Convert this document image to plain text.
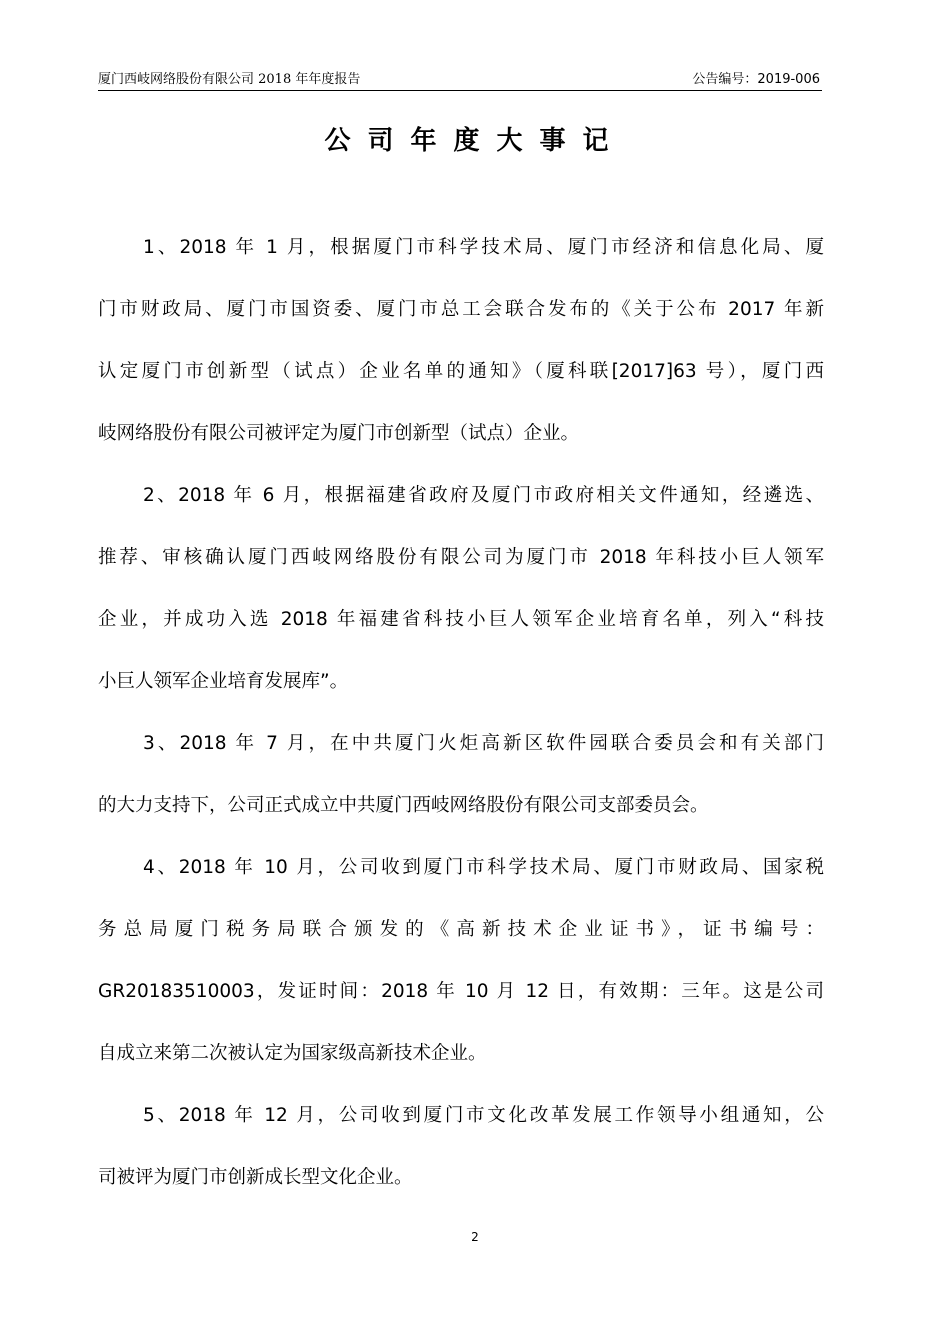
厦门西岐网络股份有限公司 2018 年年度报告	公告编号：2019-006
公司年度大事记
1、2018 年 1 月，根据厦门市科学技术局、厦门市经济和信息化局、厦
门市财政局、厦门市国资委、厦门市总工会联合发布的《关于公布 2017 年新
认定厦门市创新型（试点）企业名单的通知》（厦科联[2017]63 号），厦门西
岐网络股份有限公司被评定为厦门市创新型（试点）企业。
2、2018 年 6 月，根据福建省政府及厦门市政府相关文件通知，经遴选、
推荐、审核确认厦门西岐网络股份有限公司为厦门市 2018 年科技小巨人领军
企业，并成功入选 2018 年福建省科技小巨人领军企业培育名单，列入“科技
小巨人领军企业培育发展库”。
3、2018 年 7 月，在中共厦门火炬高新区软件园联合委员会和有关部门
的大力支持下，公司正式成立中共厦门西岐网络股份有限公司支部委员会。
4、2018 年 10 月，公司收到厦门市科学技术局、厦门市财政局、国家税
务总局厦门税务局联合颁发的《高新技术企业证书》，证书编号：
GR20183510003，发证时间：2018 年 10 月 12 日，有效期：三年。这是公司
自成立来第二次被认定为国家级高新技术企业。
5、2018 年 12 月，公司收到厦门市文化改革发展工作领导小组通知，公
司被评为厦门市创新成长型文化企业。
2
